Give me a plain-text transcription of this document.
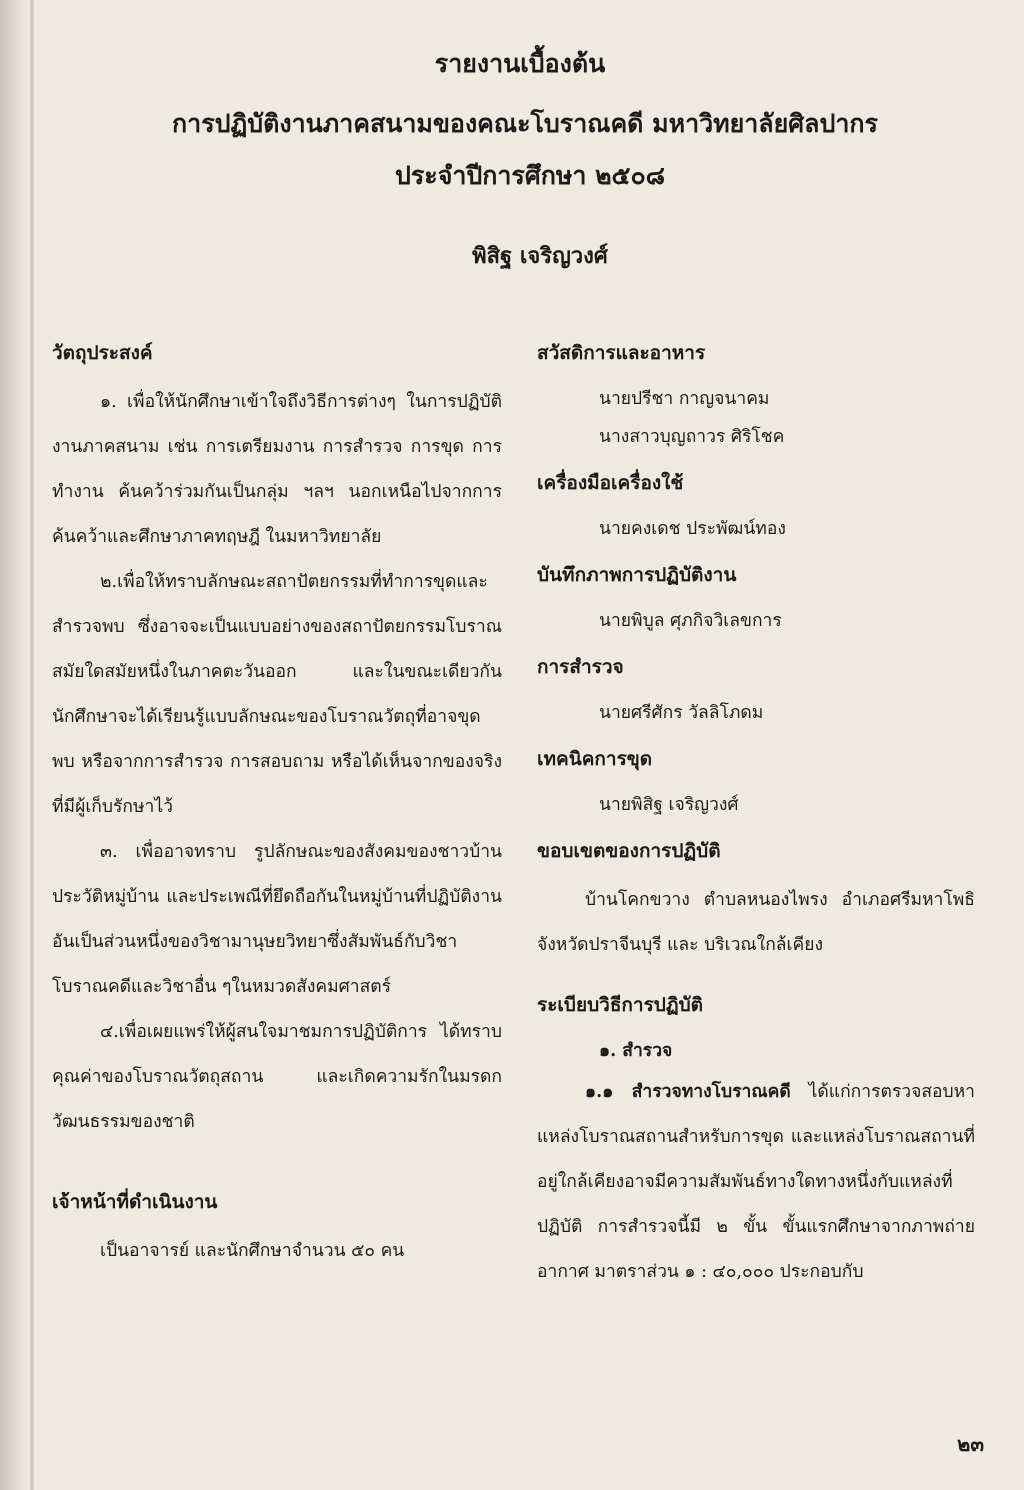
รายงานเบื้องต้น
การปฏิบัติงานภาคสนามของคณะโบราณคดี มหาวิทยาลัยศิลปากร
ประจำปีการศึกษา ๒๕๐๘
พิสิฐ เจริญวงศ์

วัตถุประสงค์

๑. เพื่อให้นักศึกษาเข้าใจถึงวิธีการต่างๆ ในการปฏิบัติงานภาคสนาม เช่น การเตรียมงาน การสำรวจ การขุด การทำงาน ค้นคว้าร่วมกันเป็นกลุ่ม ฯลฯ นอกเหนือไปจากการค้นคว้าและศึกษาภาคทฤษฎี ในมหาวิทยาลัย

๒.เพื่อให้ทราบลักษณะสถาปัตยกรรมที่ทำการขุดและสำรวจพบ ซึ่งอาจจะเป็นแบบอย่างของสถาปัตยกรรมโบราณสมัยใดสมัยหนึ่งในภาคตะวันออก และในขณะเดียวกันนักศึกษาจะได้เรียนรู้แบบลักษณะของโบราณวัตถุที่อาจขุดพบ หรือจากการสำรวจ การสอบถาม หรือได้เห็นจากของจริงที่มีผู้เก็บรักษาไว้

๓. เพื่ออาจทราบ รูปลักษณะของสังคมของชาวบ้าน ประวัติหมู่บ้าน และประเพณีที่ยึดถือกันในหมู่บ้านที่ปฏิบัติงาน อันเป็นส่วนหนึ่งของวิชามานุษยวิทยาซึ่งสัมพันธ์กับวิชาโบราณคดีและวิชาอื่น ๆในหมวดสังคมศาสตร์

๔.เพื่อเผยแพร่ให้ผู้สนใจมาชมการปฏิบัติการ ได้ทราบคุณค่าของโบราณวัตถุสถาน และเกิดความรักในมรดกวัฒนธรรมของชาติ

เจ้าหน้าที่ดำเนินงาน

เป็นอาจารย์ และนักศึกษาจำนวน ๕๐ คน

สวัสดิการและอาหาร

นายปรีชา กาญจนาคม

นางสาวบุญถาวร ศิริโชค

เครื่องมือเครื่องใช้

นายคงเดช ประพัฒน์ทอง

บันทึกภาพการปฏิบัติงาน

นายพิบูล ศุภกิจวิเลขการ

การสำรวจ

นายศรีศักร วัลลิโภดม

เทคนิคการขุด

นายพิสิฐ เจริญวงศ์

ขอบเขตของการปฏิบัติ

บ้านโคกขวาง ตำบลหนองไพรง อำเภอศรีมหาโพธิ จังหวัดปราจีนบุรี และ บริเวณใกล้เคียง

ระเบียบวิธีการปฏิบัติ

๑. สำรวจ

๑.๑ สำรวจทางโบราณคดี ได้แก่การตรวจสอบหาแหล่งโบราณสถานสำหรับการขุด และแหล่งโบราณสถานที่อยู่ใกล้เคียงอาจมีความสัมพันธ์ทางใดทางหนึ่งกับแหล่งที่ปฏิบัติ การสำรวจนี้มี ๒ ขั้น ขั้นแรกศึกษาจากภาพถ่ายอากาศ มาตราส่วน ๑ : ๔๐,๐๐๐ ประกอบกับ

๒๓
